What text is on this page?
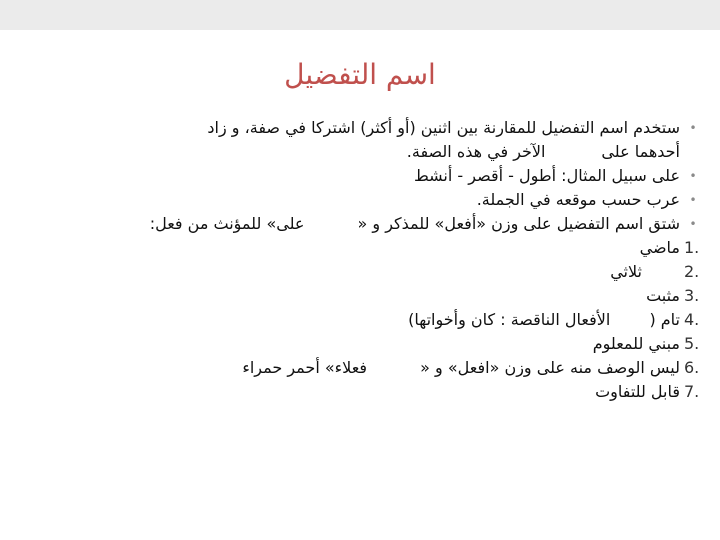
اسم التفضيل
•
ستخدم اسم التفضيل للمقارنة بين اثنين (أو أكثر) اشتركا في صفة، و زاد
أحدهما على           الآخر في هذه الصفة.
•
على سبيل المثال: أطول - أقصر - أنشط
•
عرب حسب موقعه في الجملة.
•
شتق اسم التفضيل على وزن «أفعل» للمذكر و « على» للمؤنث من فعل:
1.
ماضي
2.
ثلاثي
3.
مثبت
4.
تام ( الأفعال الناقصة : كان وأخواتها)
5.
مبني للمعلوم
6.
ليس الوصف منه على وزن «افعل» و « فعلاء» أحمر حمراء
7.
قابل للتفاوت
